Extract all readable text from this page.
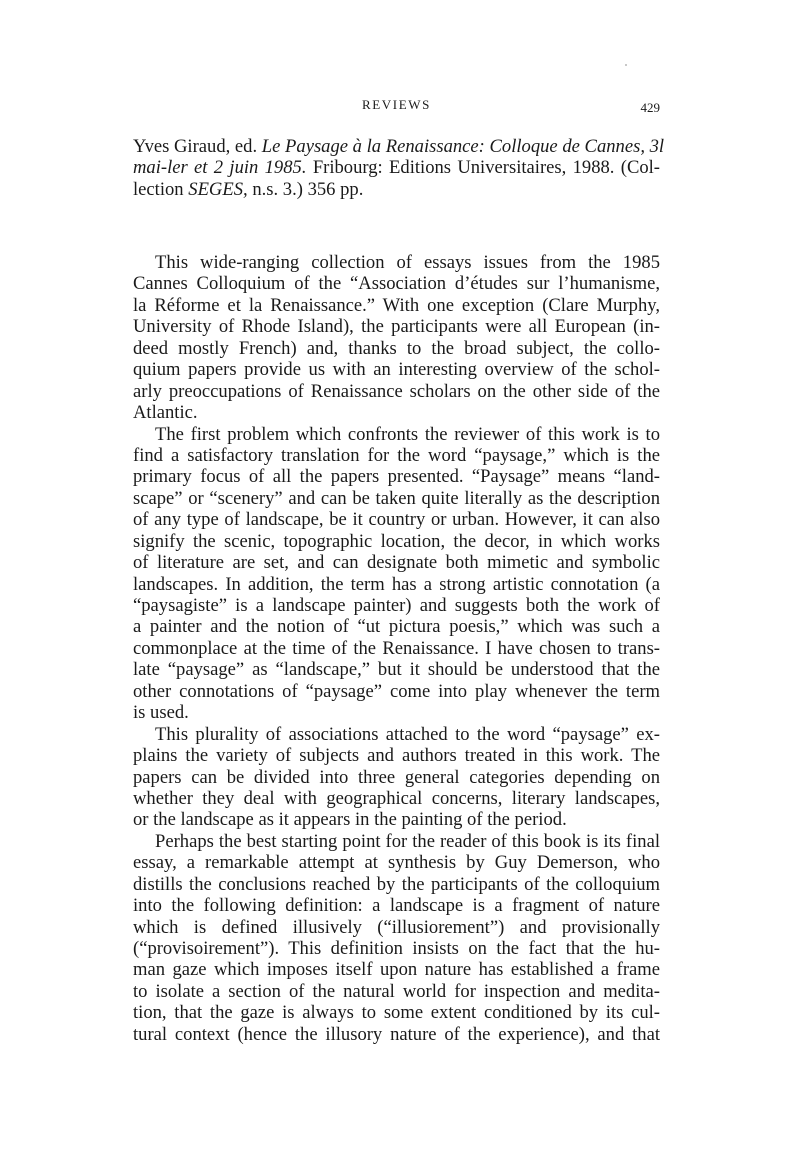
REVIEWS	429
Yves Giraud, ed. Le Paysage à la Renaissance: Colloque de Cannes, 3l
mai-ler et 2 juin 1985. Fribourg: Editions Universitaires, 1988. (Col-
lection SEGES, n.s. 3.) 356 pp.
This wide-ranging collection of essays issues from the 1985
Cannes Colloquium of the “Association d’études sur l’humanisme,
la Réforme et la Renaissance.” With one exception (Clare Murphy,
University of Rhode Island), the participants were all European (in-
deed mostly French) and, thanks to the broad subject, the collo-
quium papers provide us with an interesting overview of the schol-
arly preoccupations of Renaissance scholars on the other side of the
Atlantic.
The first problem which confronts the reviewer of this work is to
find a satisfactory translation for the word “paysage,” which is the
primary focus of all the papers presented. “Paysage” means “land-
scape” or “scenery” and can be taken quite literally as the description
of any type of landscape, be it country or urban. However, it can also
signify the scenic, topographic location, the decor, in which works
of literature are set, and can designate both mimetic and symbolic
landscapes. In addition, the term has a strong artistic connotation (a
“paysagiste” is a landscape painter) and suggests both the work of
a painter and the notion of “ut pictura poesis,” which was such a
commonplace at the time of the Renaissance. I have chosen to trans-
late “paysage” as “landscape,” but it should be understood that the
other connotations of “paysage” come into play whenever the term
is used.
This plurality of associations attached to the word “paysage” ex-
plains the variety of subjects and authors treated in this work. The
papers can be divided into three general categories depending on
whether they deal with geographical concerns, literary landscapes,
or the landscape as it appears in the painting of the period.
Perhaps the best starting point for the reader of this book is its final
essay, a remarkable attempt at synthesis by Guy Demerson, who
distills the conclusions reached by the participants of the colloquium
into the following definition: a landscape is a fragment of nature
which is defined illusively (“illusiorement”) and provisionally
(“provisoirement”). This definition insists on the fact that the hu-
man gaze which imposes itself upon nature has established a frame
to isolate a section of the natural world for inspection and medita-
tion, that the gaze is always to some extent conditioned by its cul-
tural context (hence the illusory nature of the experience), and that
